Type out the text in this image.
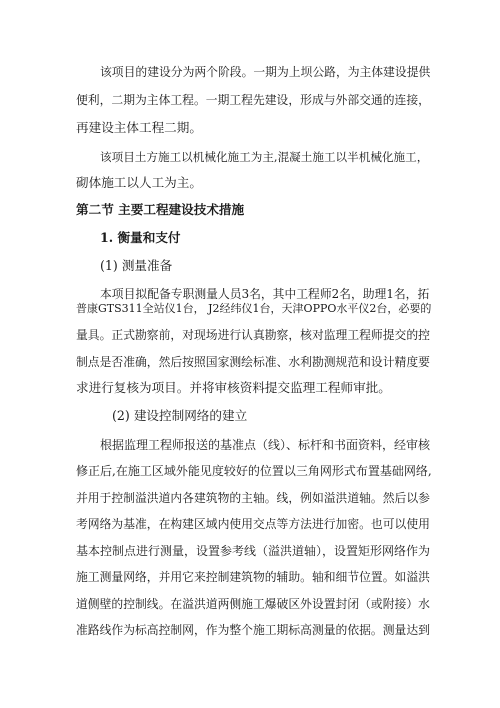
该项目的建设分为两个阶段。一期为上坝公路，为主体建设提供
便利，二期为主体工程。一期工程先建设，形成与外部交通的连接，
再建设主体工程二期。
该项目土方施工以机械化施工为主,混凝土施工以半机械化施工，
砌体施工以人工为主。
第二节 主要工程建设技术措施
1. 衡量和支付
(1) 测量准备
本项目拟配备专职测量人员3名，其中工程师2名，助理1名，拓
普康GTS311全站仪1台， J2经纬仪1台，天津OPPO水平仪2台，必要的
量具。正式勘察前，对现场进行认真勘察，核对监理工程师提交的控
制点是否准确，然后按照国家测绘标准、水利勘测规范和设计精度要
求进行复核为项目。并将审核资料提交监理工程师审批。
(2) 建设控制网络的建立
根据监理工程师报送的基准点（线）、标杆和书面资料，经审核
修正后,在施工区域外能见度较好的位置以三角网形式布置基础网络,
并用于控制溢洪道内各建筑物的主轴。线，例如溢洪道轴。然后以参
考网络为基准，在构建区域内使用交点等方法进行加密。也可以使用
基本控制点进行测量，设置参考线（溢洪道轴），设置矩形网络作为
施工测量网络，并用它来控制建筑物的辅助。轴和细节位置。如溢洪
道侧壁的控制线。在溢洪道两侧施工爆破区外设置封闭（或附接）水
准路线作为标高控制网，作为整个施工期标高测量的依据。测量达到
